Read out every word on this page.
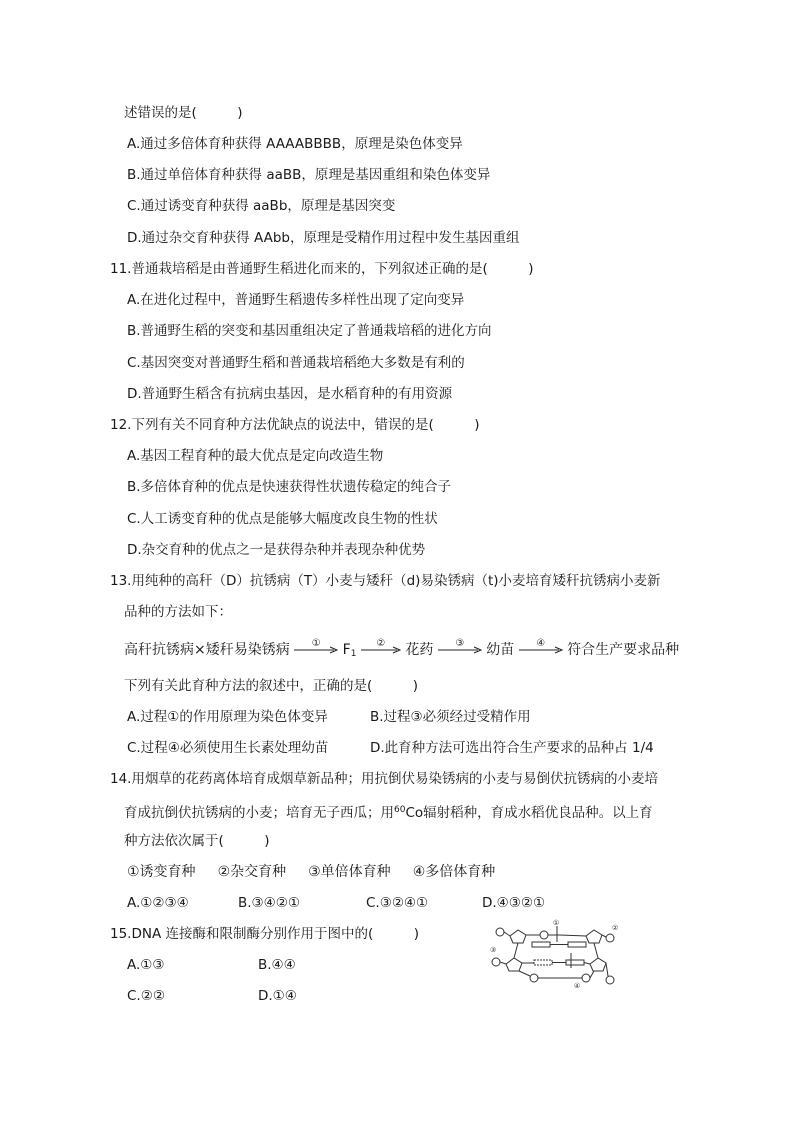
述错误的是(　　　)
A.通过多倍体育种获得 AAAABBBB，原理是染色体变异
B.通过单倍体育种获得 aaBB，原理是基因重组和染色体变异
C.通过诱变育种获得 aaBb，原理是基因突变
D.通过杂交育种获得 AAbb，原理是受精作用过程中发生基因重组
11.普通栽培稻是由普通野生稻进化而来的，下列叙述正确的是(　　　)
A.在进化过程中，普通野生稻遗传多样性出现了定向变异
B.普通野生稻的突变和基因重组决定了普通栽培稻的进化方向
C.基因突变对普通野生稻和普通栽培稻绝大多数是有利的
D.普通野生稻含有抗病虫基因，是水稻育种的有用资源
12.下列有关不同育种方法优缺点的说法中，错误的是(　　　)
A.基因工程育种的最大优点是定向改造生物
B.多倍体育种的优点是快速获得性状遗传稳定的纯合子
C.人工诱变育种的优点是能够大幅度改良生物的性状
D.杂交育种的优点之一是获得杂种并表现杂种优势
13.用纯种的高秆（D）抗锈病（T）小麦与矮秆（d)易染锈病（t)小麦培育矮秆抗锈病小麦新
品种的方法如下：
高秆抗锈病×矮秆易染锈病	①	$F_1$
②	花药	③	幼苗	④	符合生产要求品种
下列有关此育种方法的叙述中，正确的是(　　　)
A.过程①的作用原理为染色体变异	B.过程③必须经过受精作用
C.过程④必须使用生长素处理幼苗	D.此育种方法可选出符合生产要求的品种占 1/4
14.用烟草的花药离体培育成烟草新品种；用抗倒伏易染锈病的小麦与易倒伏抗锈病的小麦培
育成抗倒伏抗锈病的小麦；培育无子西瓜；用$^{60}$Co辐射稻种，育成水稻优良品种。以上育
种方法依次属于(　　　)
①诱变育种 ②杂交育种 ③单倍体育种 ④多倍体育种
A.①②③④	B.③④②①	C.③②④①	D.④③②①
15.DNA 连接酶和限制酶分别作用于图中的(　　　)
A.①③	B.④④
C.②②	D.①④
①
②
③
④
